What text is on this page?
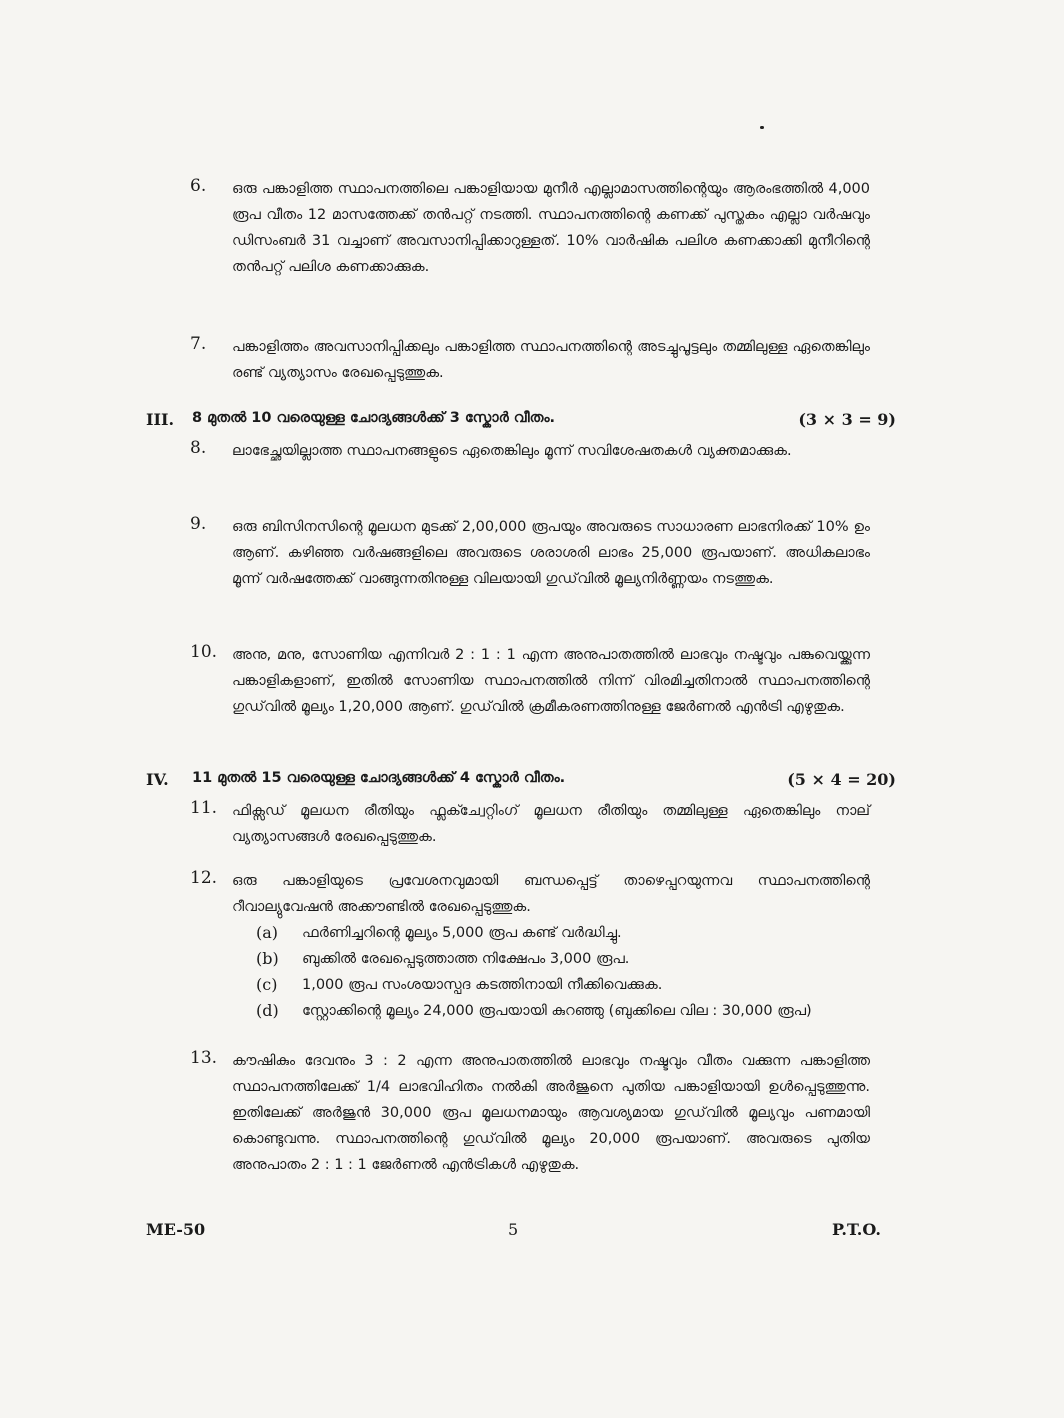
6. ഒരു പങ്കാളിത്ത സ്ഥാപനത്തിലെ പങ്കാളിയായ മുനീർ എല്ലാമാസത്തിന്റെയും ആരംഭത്തിൽ 4,000 രൂപ വീതം 12 മാസത്തേക്ക് തൻപറ്റ് നടത്തി. സ്ഥാപനത്തിന്റെ കണക്ക് പുസ്തകം എല്ലാ വർഷവും ഡിസംബർ 31 വച്ചാണ് അവസാനിപ്പിക്കാറുള്ളത്. 10% വാർഷിക പലിശ കണക്കാക്കി മുനീറിന്റെ തൻപറ്റ് പലിശ കണക്കാക്കുക.
7. പങ്കാളിത്തം അവസാനിപ്പിക്കലും പങ്കാളിത്ത സ്ഥാപനത്തിന്റെ അടച്ചുപൂട്ടലും തമ്മിലുള്ള ഏതെങ്കിലും രണ്ട് വ്യത്യാസം രേഖപ്പെടുത്തുക.
III. 8 മുതൽ 10 വരെയുള്ള ചോദ്യങ്ങൾക്ക് 3 സ്കോർ വീതം.	(3 × 3 = 9)
8. ലാഭേച്ഛയില്ലാത്ത സ്ഥാപനങ്ങളുടെ ഏതെങ്കിലും മൂന്ന് സവിശേഷതകൾ വ്യക്തമാക്കുക.
9. ഒരു ബിസിനസിന്റെ മൂലധന മുടക്ക് 2,00,000 രൂപയും അവരുടെ സാധാരണ ലാഭനിരക്ക് 10% ഉം ആണ്. കഴിഞ്ഞ വർഷങ്ങളിലെ അവരുടെ ശരാശരി ലാഭം 25,000 രൂപയാണ്. അധികലാഭം മൂന്ന് വർഷത്തേക്ക് വാങ്ങുന്നതിനുള്ള വിലയായി ഗുഡ്‌വിൽ മൂല്യനിർണ്ണയം നടത്തുക.
10. അനു, മനു, സോണിയ എന്നിവർ 2 : 1 : 1 എന്ന അനുപാതത്തിൽ ലാഭവും നഷ്ടവും പങ്കുവെയ്ക്കുന്ന പങ്കാളികളാണ്, ഇതിൽ സോണിയ സ്ഥാപനത്തിൽ നിന്ന് വിരമിച്ചതിനാൽ സ്ഥാപനത്തിന്റെ ഗുഡ്‌വിൽ മൂല്യം 1,20,000 ആണ്. ഗുഡ്‌വിൽ ക്രമീകരണത്തിനുള്ള ജേർണൽ എൻട്രി എഴുതുക.
IV. 11 മുതൽ 15 വരെയുള്ള ചോദ്യങ്ങൾക്ക് 4 സ്കോർ വീതം.	(5 × 4 = 20)
11. ഫിക്സഡ് മൂലധന രീതിയും ഫ്ലക്ച്വേറ്റിംഗ് മൂലധന രീതിയും തമ്മിലുള്ള ഏതെങ്കിലും നാല് വ്യത്യാസങ്ങൾ രേഖപ്പെടുത്തുക.
12. ഒരു പങ്കാളിയുടെ പ്രവേശനവുമായി ബന്ധപ്പെട്ട് താഴെപ്പറയുന്നവ സ്ഥാപനത്തിന്റെ റീവാല്യുവേഷൻ അക്കൗണ്ടിൽ രേഖപ്പെടുത്തുക.
(a) ഫർണിച്ചറിന്റെ മൂല്യം 5,000 രൂപ കണ്ട് വർദ്ധിച്ചു.
(b) ബുക്കിൽ രേഖപ്പെടുത്താത്ത നിക്ഷേപം 3,000 രൂപ.
(c) 1,000 രൂപ സംശയാസ്പദ കടത്തിനായി നീക്കിവെക്കുക.
(d) സ്റ്റോക്കിന്റെ മൂല്യം 24,000 രൂപയായി കുറഞ്ഞു (ബുക്കിലെ വില : 30,000 രൂപ)
13. കൗഷികും ദേവനും 3 : 2 എന്ന അനുപാതത്തിൽ ലാഭവും നഷ്ടവും വീതം വക്കുന്ന പങ്കാളിത്ത സ്ഥാപനത്തിലേക്ക് 1/4 ലാഭവിഹിതം നൽകി അർജുനെ പുതിയ പങ്കാളിയായി ഉൾപ്പെടുത്തുന്നു. ഇതിലേക്ക് അർജുൻ 30,000 രൂപ മൂലധനമായും ആവശ്യമായ ഗുഡ്‌വിൽ മൂല്യവും പണമായി കൊണ്ടുവന്നു. സ്ഥാപനത്തിന്റെ ഗുഡ്‌വിൽ മൂല്യം 20,000 രൂപയാണ്. അവരുടെ പുതിയ അനുപാതം 2 : 1 : 1 ജേർണൽ എൻട്രികൾ എഴുതുക.
ME-50	5	P.T.O.
